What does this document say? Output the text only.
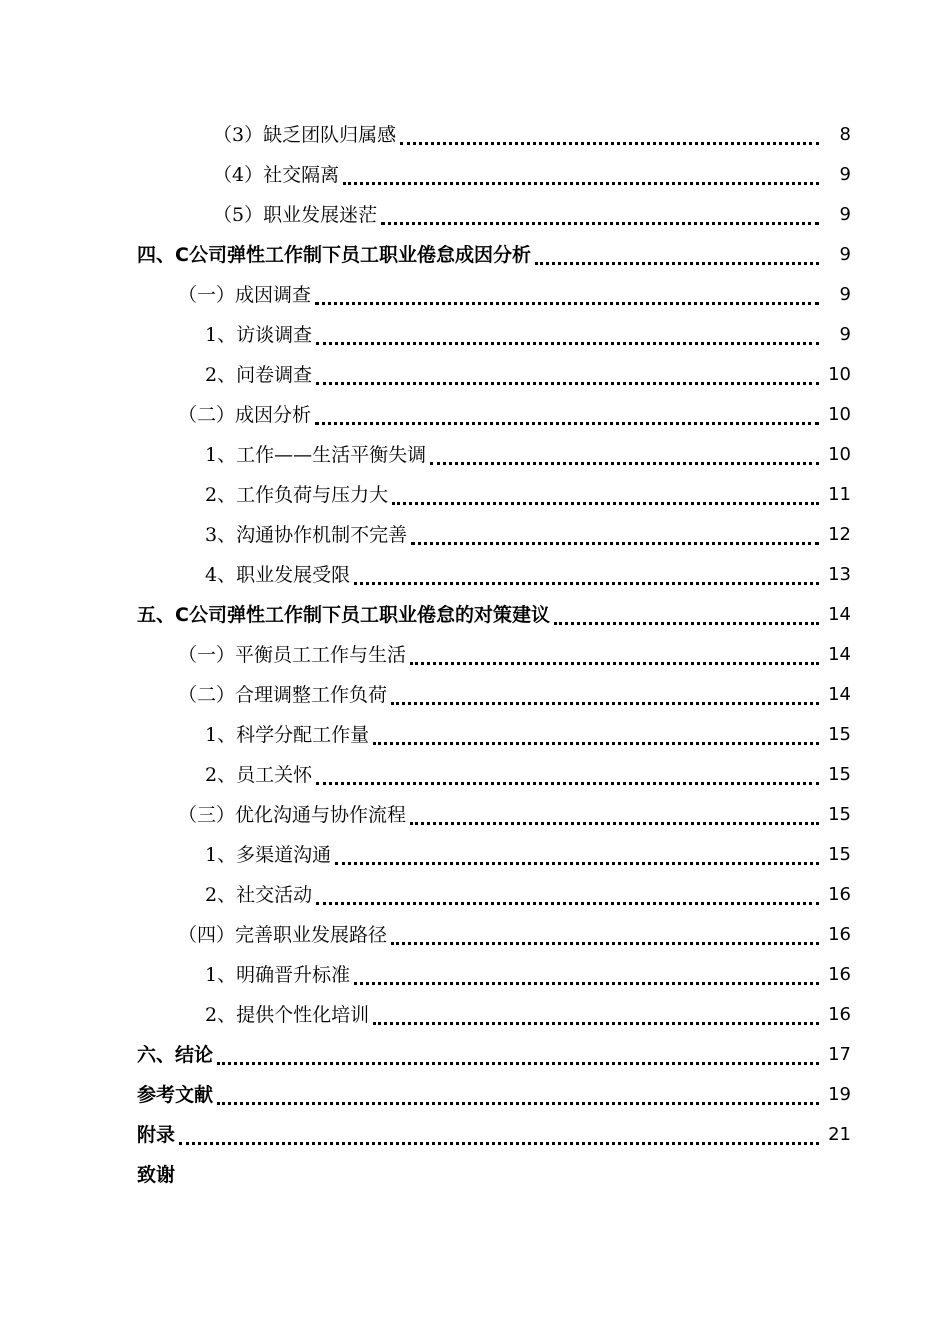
（3）缺乏团队归属感	8
（4）社交隔离	9
（5）职业发展迷茫	9
四、C公司弹性工作制下员工职业倦怠成因分析	9
（一）成因调查	9
1、访谈调查	9
2、问卷调查	10
（二）成因分析	10
1、工作——生活平衡失调	10
2、工作负荷与压力大	11
3、沟通协作机制不完善	12
4、职业发展受限	13
五、C公司弹性工作制下员工职业倦怠的对策建议	14
（一）平衡员工工作与生活	14
（二）合理调整工作负荷	14
1、科学分配工作量	15
2、员工关怀	15
（三）优化沟通与协作流程	15
1、多渠道沟通	15
2、社交活动	16
（四）完善职业发展路径	16
1、明确晋升标准	16
2、提供个性化培训	16
六、结论	17
参考文献	19
附录	21
致谢
